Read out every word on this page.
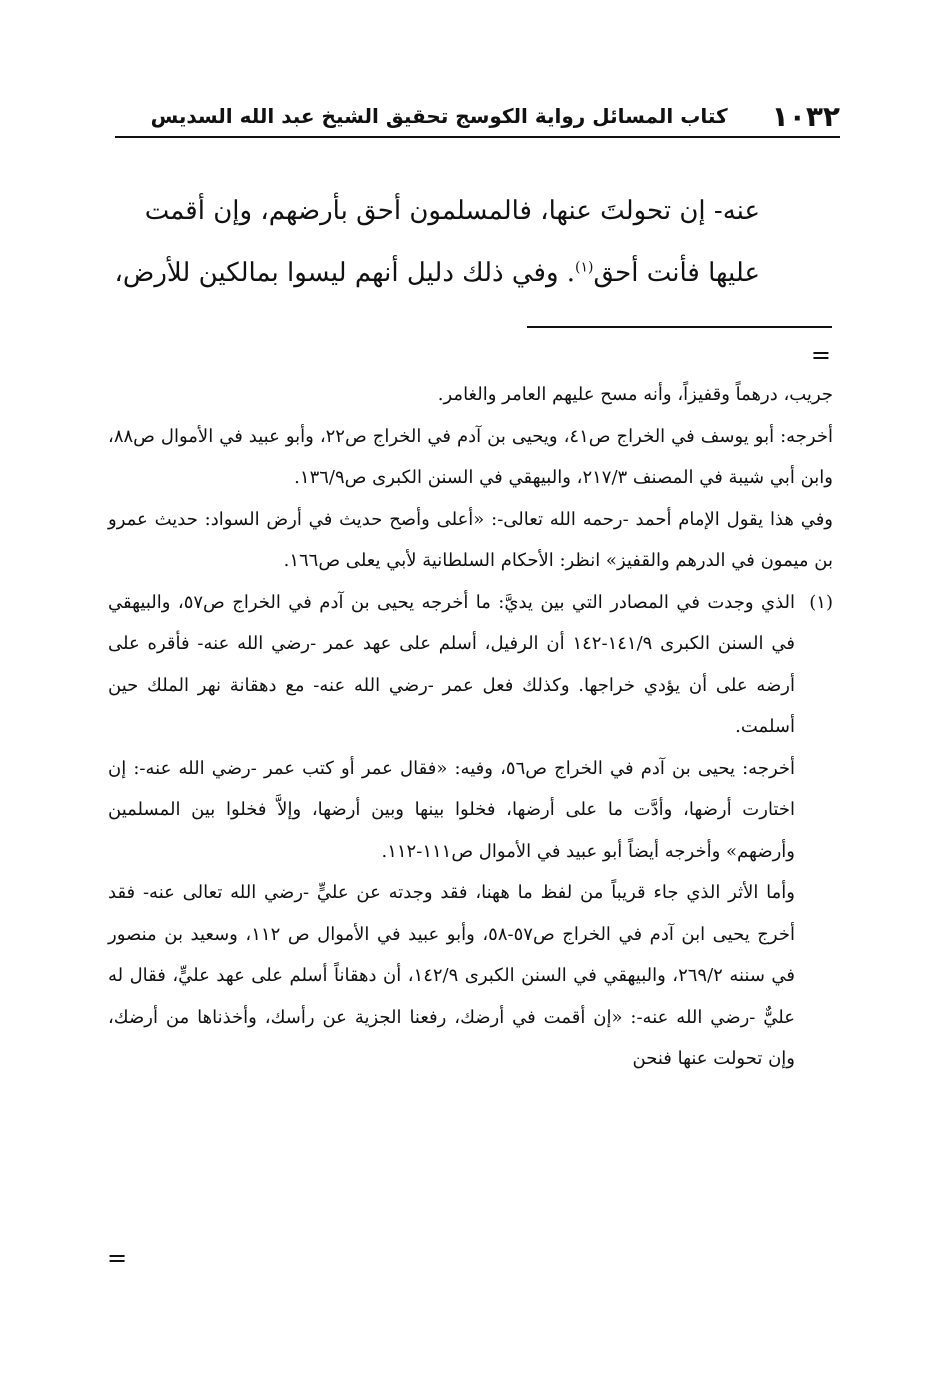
١٠٣٢
كتاب المسائل رواية الكوسج تحقيق الشيخ عبد الله السديس

عنه- إن تحولتَ عنها، فالمسلمون أحق بأرضهم، وإن أقمت

عليها فأنت أحق$^{(١)}$. وفي ذلك دليل أنهم ليسوا بمالكين للأرض،

=

جريب، درهماً وقفيزاً، وأنه مسح عليهم العامر والغامر.

أخرجه: أبو يوسف في الخراج ص٤١، ويحيى بن آدم في الخراج ص٢٢، وأبو عبيد في الأموال ص٨٨، وابن أبي شيبة في المصنف ٢١٧/٣، والبيهقي في السنن الكبرى ص١٣٦/٩.

وفي هذا يقول الإمام أحمد -رحمه الله تعالى-: «أعلى وأصح حديث في أرض السواد: حديث عمرو بن ميمون في الدرهم والقفيز» انظر: الأحكام السلطانية لأبي يعلى ص١٦٦.

(١)

الذي وجدت في المصادر التي بين يديَّ: ما أخرجه يحيى بن آدم في الخراج ص٥٧، والبيهقي في السنن الكبرى ١٤١/٩-١٤٢ أن الرفيل، أسلم على عهد عمر -رضي الله عنه- فأقره على أرضه على أن يؤدي خراجها. وكذلك فعل عمر -رضي الله عنه- مع دهقانة نهر الملك حين أسلمت.

أخرجه: يحيى بن آدم في الخراج ص٥٦، وفيه: «فقال عمر أو كتب عمر -رضي الله عنه-: إن اختارت أرضها، وأدَّت ما على أرضها، فخلوا بينها وبين أرضها، وإلاَّ فخلوا بين المسلمين وأرضهم» وأخرجه أيضاً أبو عبيد في الأموال ص١١١-١١٢.

وأما الأثر الذي جاء قريباً من لفظ ما ههنا، فقد وجدته عن عليٍّ -رضي الله تعالى عنه- فقد أخرج يحيى ابن آدم في الخراج ص٥٧-٥٨، وأبو عبيد في الأموال ص ١١٢، وسعيد بن منصور في سننه ٢٦٩/٢، والبيهقي في السنن الكبرى ١٤٢/٩، أن دهقاناً أسلم على عهد عليٍّ، فقال له عليٌّ -رضي الله عنه-: «إن أقمت في أرضك، رفعنا الجزية عن رأسك، وأخذناها من أرضك، وإن تحولت عنها فنحن

=
